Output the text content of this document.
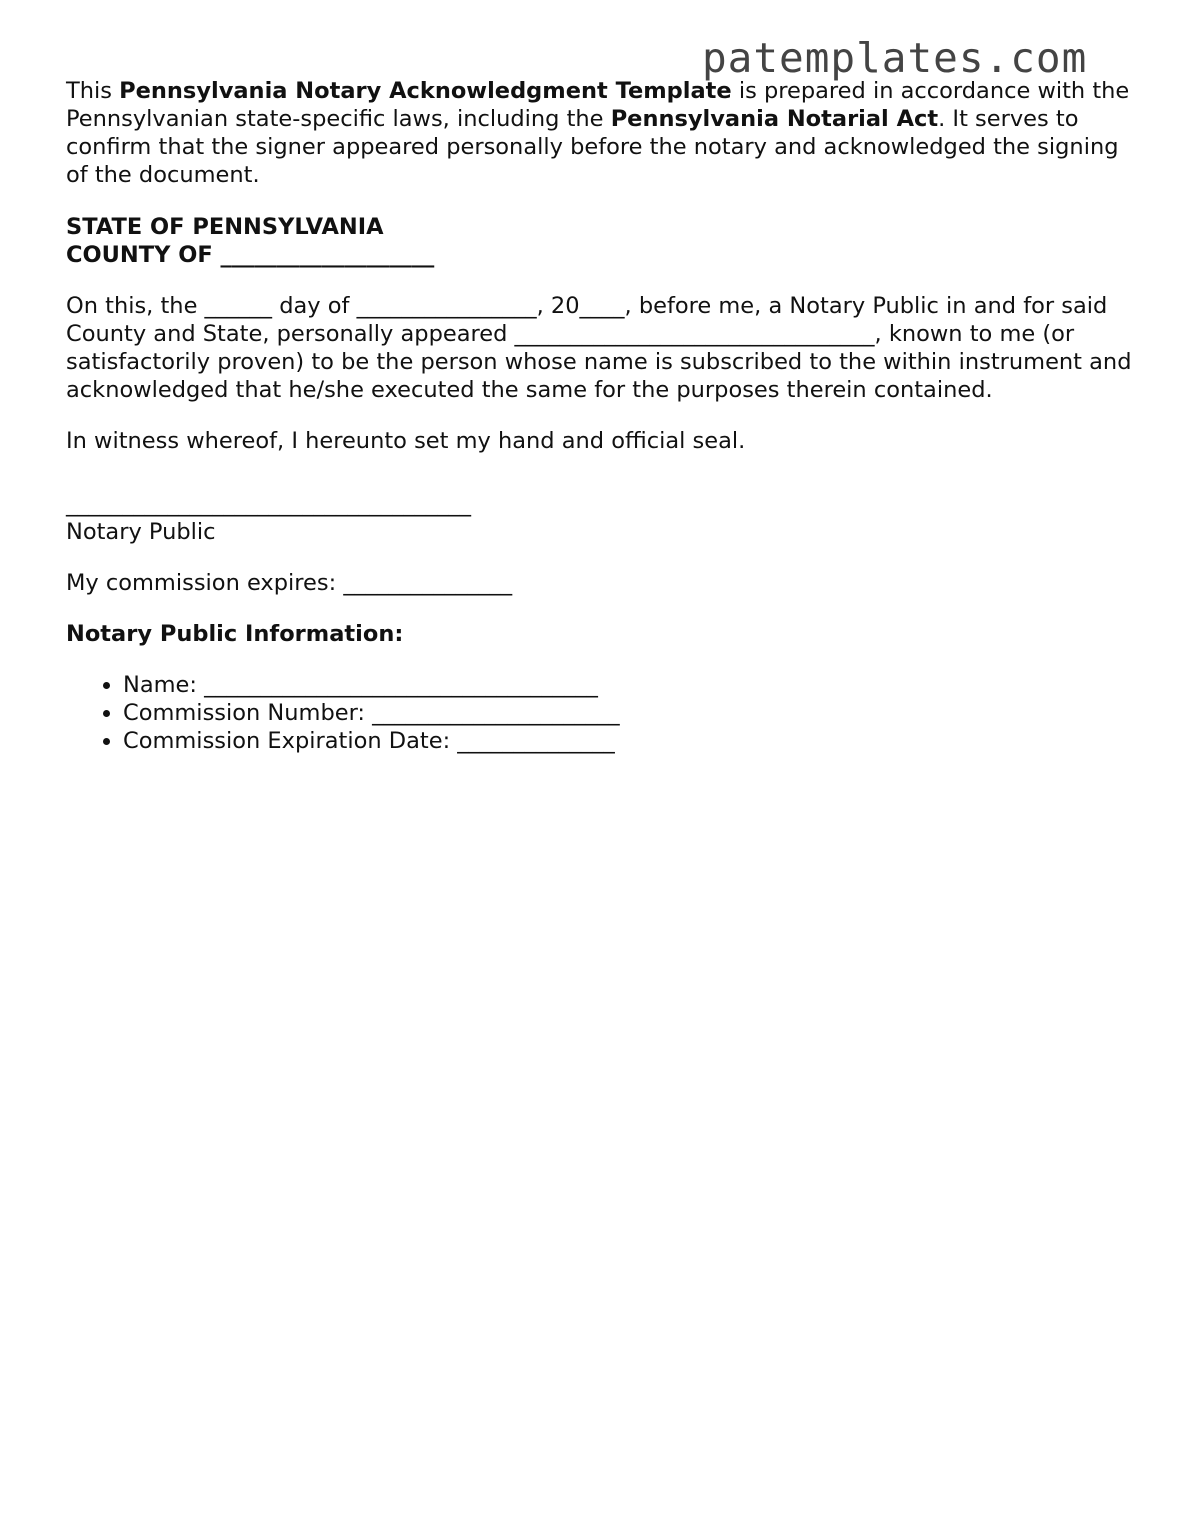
patemplates.com

This Pennsylvania Notary Acknowledgment Template is prepared in accordance with the Pennsylvanian state-specific laws, including the Pennsylvania Notarial Act. It serves to confirm that the signer appeared personally before the notary and acknowledged the signing of the document.

STATE OF PENNSYLVANIA

COUNTY OF ___________________

On this, the ______ day of ________________, 20____, before me, a Notary Public in and for said County and State, personally appeared ________________________________, known to me (or satisfactorily proven) to be the person whose name is subscribed to the within instrument and acknowledged that he/she executed the same for the purposes therein contained.

In witness whereof, I hereunto set my hand and official seal.

____________________________________

Notary Public

My commission expires: _______________

Notary Public Information:

• Name: ___________________________________
• Commission Number: ______________________
• Commission Expiration Date: ______________
